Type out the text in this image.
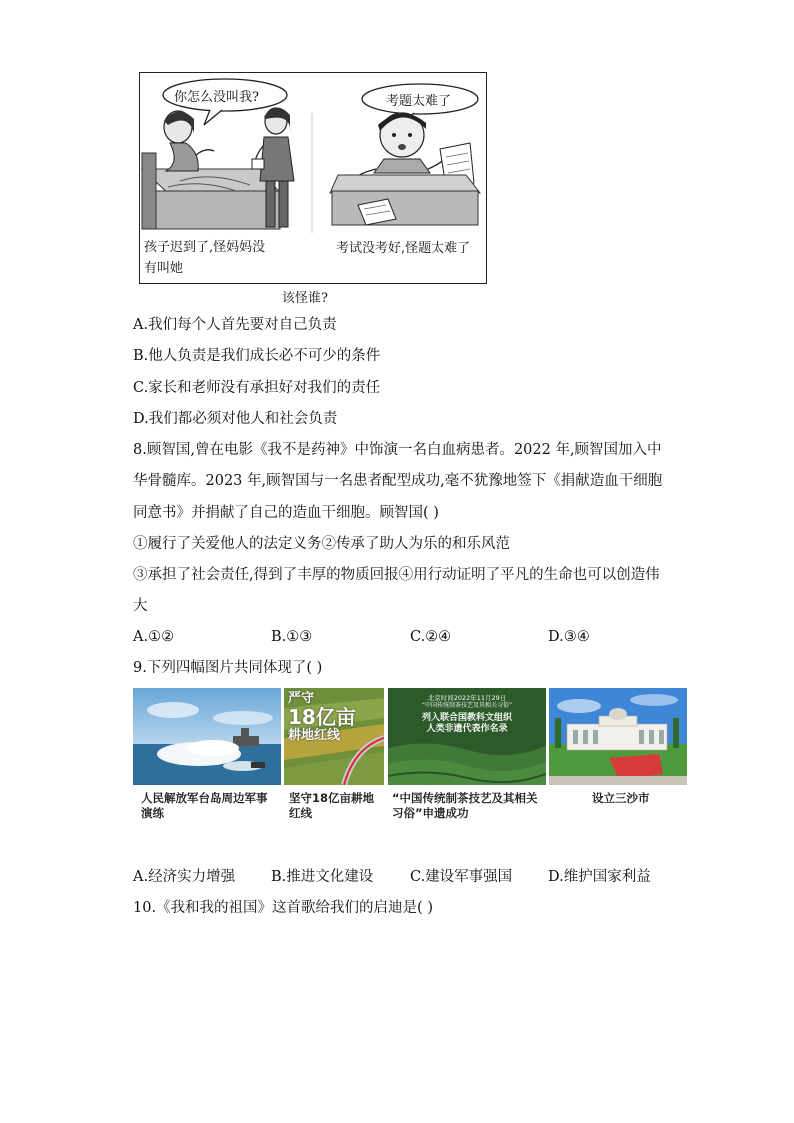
你怎么没叫我?	考题太难了
孩子迟到了,怪妈妈没
有叫她
考试没考好,怪题太难了
该怪谁?
A.我们每个人首先要对自己负责
B.他人负责是我们成长必不可少的条件
C.家长和老师没有承担好对我们的责任
D.我们都必须对他人和社会负责
8.顾智国,曾在电影《我不是药神》中饰演一名白血病患者。2022 年,顾智国加入中
华骨髓库。2023 年,顾智国与一名患者配型成功,毫不犹豫地签下《捐献造血干细胞
同意书》并捐献了自己的造血干细胞。顾智国( )
①履行了关爱他人的法定义务②传承了助人为乐的和乐风范
③承担了社会责任,得到了丰厚的物质回报④用行动证明了平凡的生命也可以创造伟
大
A.①②	B.①③	C.②④	D.③④
9.下列四幅图片共同体现了( )
严守
18亿亩
耕地红线
北京时间2022年11月29日
“中国传统制茶技艺及其相关习俗”
列入联合国教科文组织
人类非遗代表作名录
人民解放军台岛周边军事
演练
坚守18亿亩耕地
红线
“中国传统制茶技艺及其相关
习俗”申遗成功
设立三沙市
A.经济实力增强 B.推进文化建设	C.建设军事强国 D.维护国家利益
10.《我和我的祖国》这首歌给我们的启迪是( )
